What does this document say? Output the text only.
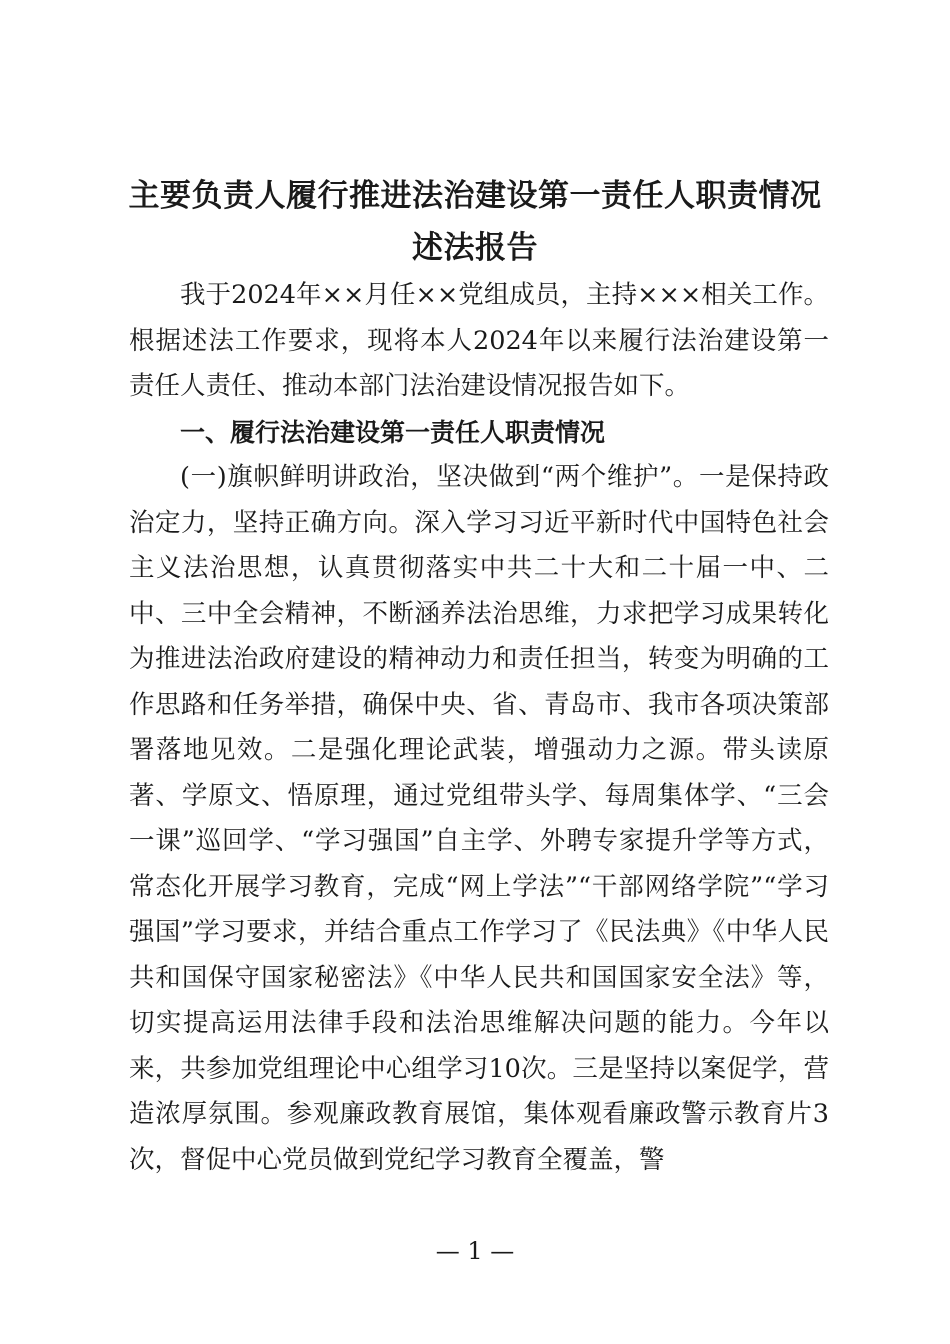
主要负责人履行推进法治建设第一责任人职责情况述法报告

我于2024年××月任××党组成员，主持×××相关工作。根据述法工作要求，现将本人2024年以来履行法治建设第一责任人责任、推动本部门法治建设情况报告如下。

一、履行法治建设第一责任人职责情况

(一)旗帜鲜明讲政治，坚决做到“两个维护”。一是保持政治定力，坚持正确方向。深入学习习近平新时代中国特色社会主义法治思想，认真贯彻落实中共二十大和二十届一中、二中、三中全会精神，不断涵养法治思维，力求把学习成果转化为推进法治政府建设的精神动力和责任担当，转变为明确的工作思路和任务举措，确保中央、省、青岛市、我市各项决策部署落地见效。二是强化理论武装，增强动力之源。带头读原著、学原文、悟原理，通过党组带头学、每周集体学、“三会一课”巡回学、“学习强国”自主学、外聘专家提升学等方式，常态化开展学习教育，完成“网上学法”“干部网络学院”“学习强国”学习要求，并结合重点工作学习了《民法典》《中华人民共和国保守国家秘密法》《中华人民共和国国家安全法》等，切实提高运用法律手段和法治思维解决问题的能力。今年以来，共参加党组理论中心组学习10次。三是坚持以案促学，营造浓厚氛围。参观廉政教育展馆，集体观看廉政警示教育片3次，督促中心党员做到党纪学习教育全覆盖，警

— 1 —
